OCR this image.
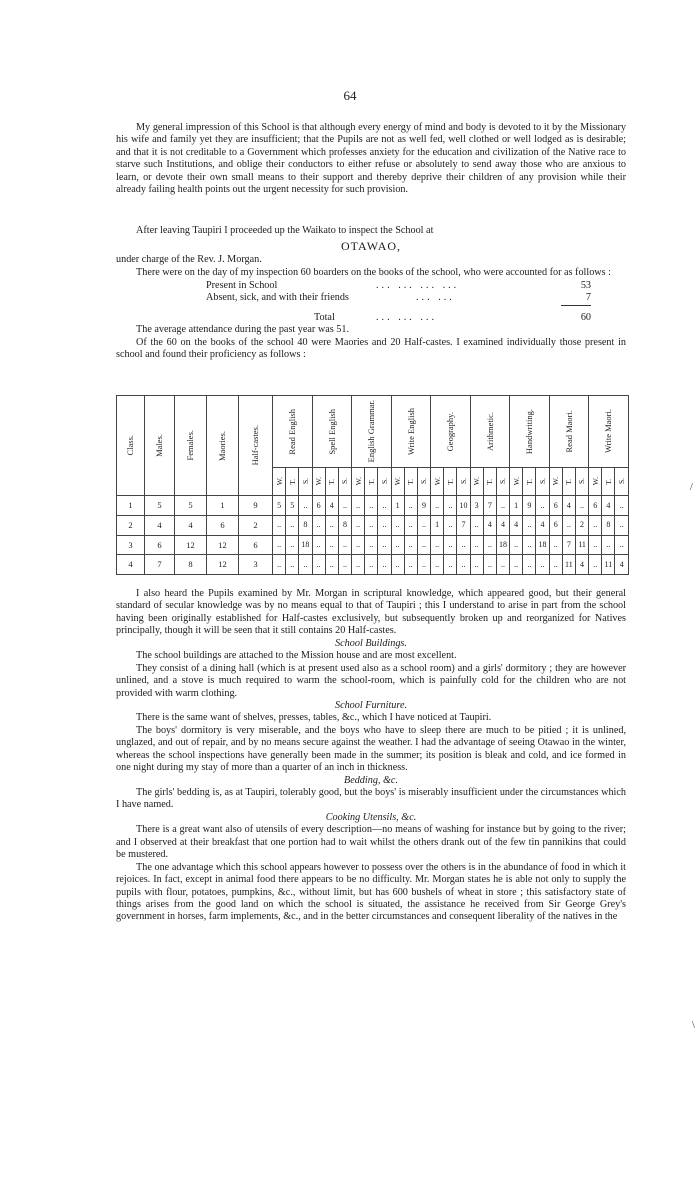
64

My general impression of this School is that although every energy of mind and body is devoted to it by the Missionary his wife and family yet they are insufficient; that the Pupils are not as well fed, well clothed or well lodged as is desirable; and that it is not creditable to a Government which professes anxiety for the education and civilization of the Native race to starve such Institutions, and oblige their conductors to either refuse or absolutely to send away those who are anxious to learn, or devote their own small means to their support and thereby deprive their children of any provision while their already failing health points out the urgent necessity for such provision.

After leaving Taupiri I proceeded up the Waikato to inspect the School at

OTAWAO,

under charge of the Rev. J. Morgan.

There were on the day of my inspection 60 boarders on the books of the school, who were accounted for as follows :

Present in School	... ... ... ...	53
Absent, sick, and with their friends	... ...	7
Total	... ... ...	60

The average attendance during the past year was 51.

Of the 60 on the books of the school 40 were Maories and 20 Half-castes. I examined individually those present in school and found their proficiency as follows :

Class.	Males.	Females.	Maories.	Half-castes.	Read English			Spell English			English Grammar.			Write English			Geography.			Arithmetic.			Handwriting.			Read Maori.			Write Maori.		

					W.	T.	S.	W.	T.	S.	W.	T.	S.	W.	T.	S.	W.	T.	S.	W.	T.	S.	W.	T.	S.	W.	T.	S.	W.	T.	S.

1	5	5	1	9	5	5	..	6	4	..	..	..	..	1	..	9	..	..	10	3	7	..	1	9	..	6	4	..	6	4	..
2	4	4	6	2	..	..	8	..	..	8	..	..	..	..	..	..	1	..	7	..	4	4	4	..	4	6	..	2	..	8	..
3	6	12	12	6	..	..	18	..	..	..	..	..	..	..	..	..	..	..	..	..	..	18	..	..	18	..	7	11	..	..	..
4	7	8	12	3	..	..	..	..	..	..	..	..	..	..	..	..	..	..	..	..	..	..	..	..	..	..	11	4	..	11	4

I also heard the Pupils examined by Mr. Morgan in scriptural knowledge, which appeared good, but their general standard of secular knowledge was by no means equal to that of Taupiri ; this I understand to arise in part from the school having been originally established for Half-castes exclusively, but subsequently broken up and reorganized for Natives principally, though it will be seen that it still contains 20 Half-castes.

School Buildings.

The school buildings are attached to the Mission house and are most excellent.

They consist of a dining hall (which is at present used also as a school room) and a girls' dormitory ; they are however unlined, and a stove is much required to warm the school-room, which is painfully cold for the children who are not provided with warm clothing.

School Furniture.

There is the same want of shelves, presses, tables, &c., which I have noticed at Taupiri.

The boys' dormitory is very miserable, and the boys who have to sleep there are much to be pitied ; it is unlined, unglazed, and out of repair, and by no means secure against the weather. I had the advantage of seeing Otawao in the winter, whereas the school inspections have generally been made in the summer; its position is bleak and cold, and ice formed in one night during my stay of more than a quarter of an inch in thickness.

Bedding, &c.

The girls' bedding is, as at Taupiri, tolerably good, but the boys' is miserably insufficient under the circumstances which I have named.

Cooking Utensils, &c.

There is a great want also of utensils of every description—no means of washing for instance but by going to the river; and I observed at their breakfast that one portion had to wait whilst the others drank out of the few tin pannikins that could be mustered.

The one advantage which this school appears however to possess over the others is in the abundance of food in which it rejoices. In fact, except in animal food there appears to be no difficulty. Mr. Morgan states he is able not only to supply the pupils with flour, potatoes, pumpkins, &c., without limit, but has 600 bushels of wheat in store ; this satisfactory state of things arises from the good land on which the school is situated, the assistance he received from Sir George Grey's government in horses, farm implements, &c., and in the better circumstances and consequent liberality of the natives in the

/
\
